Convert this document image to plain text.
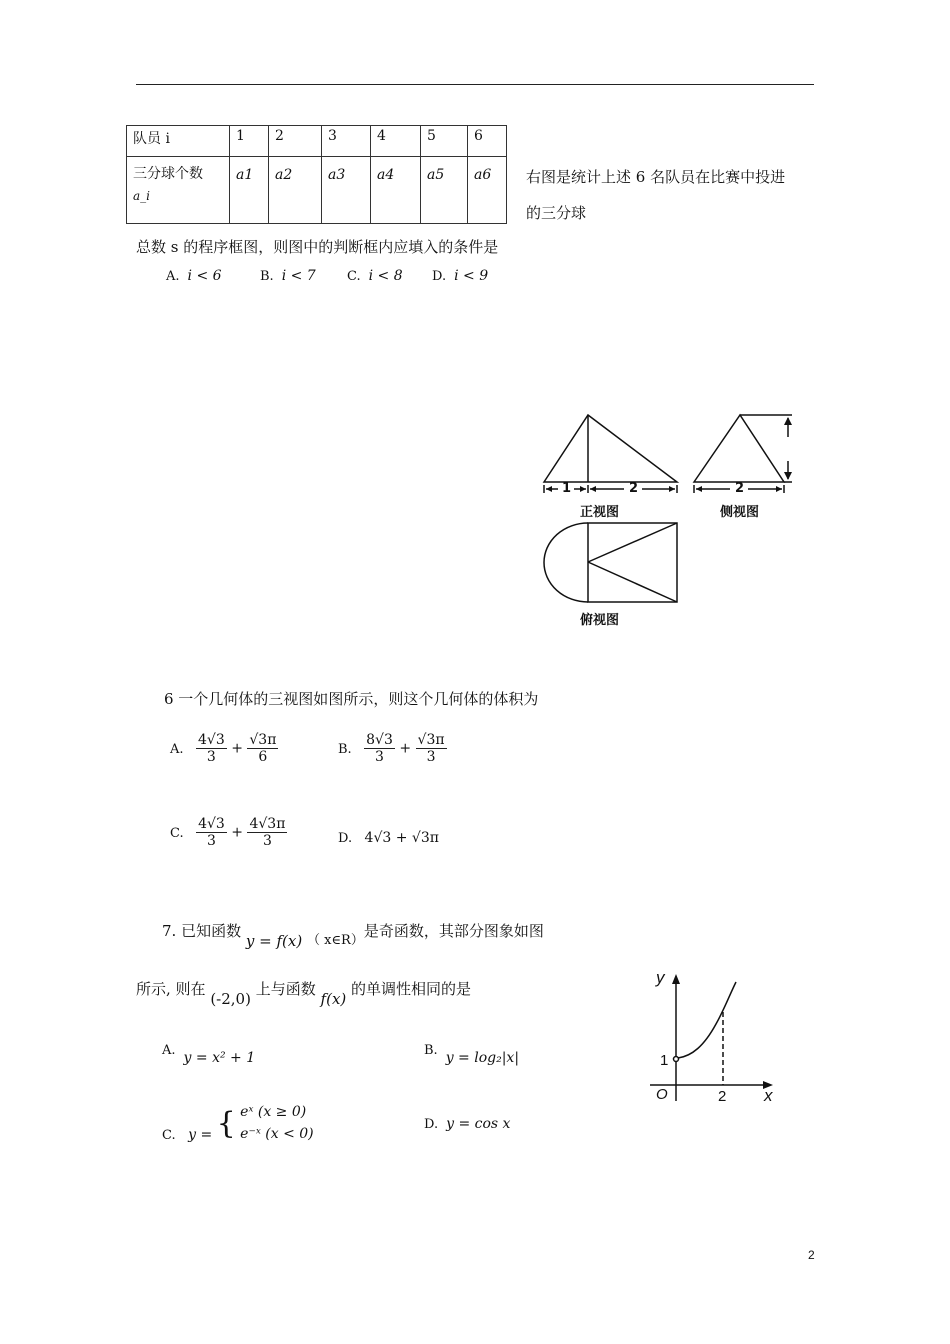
队员 i	1	2	3	4	5	6

三分球个数
a_i	a1	a2	a3	a4	a5	a6 右图是统计上述 6 名队员在比赛中投进
的三分球
总数 s 的程序框图，则图中的判断框内应填入的条件是
A. i < 6	B. i < 7 C. i < 8 D. i < 9
1	2	2
正视图	侧视图
俯视图
6 一个几何体的三视图如图所示，则这个几何体的体积为
A. $\frac{4√3}{3} + \frac{√3\pi}{6}$	B. $\frac{8√3}{3} + \frac{√3\pi}{3}$
C. $\frac{4√3}{3} + \frac{4√3\pi}{3}$	D. 4√3 + √3π
7. 已知函数 y = f(x) （ x∈R）是奇函数，其部分图象如图
所示, 则在 (-2,0) 上与函数 f(x) 的单调性相同的是
A. y = x² + 1	B. y = log₂|x|
C. y = { eˣ (x ≥ 0)
e⁻ˣ (x < 0)
D. y = cos x
y
x
O
1
2
2
